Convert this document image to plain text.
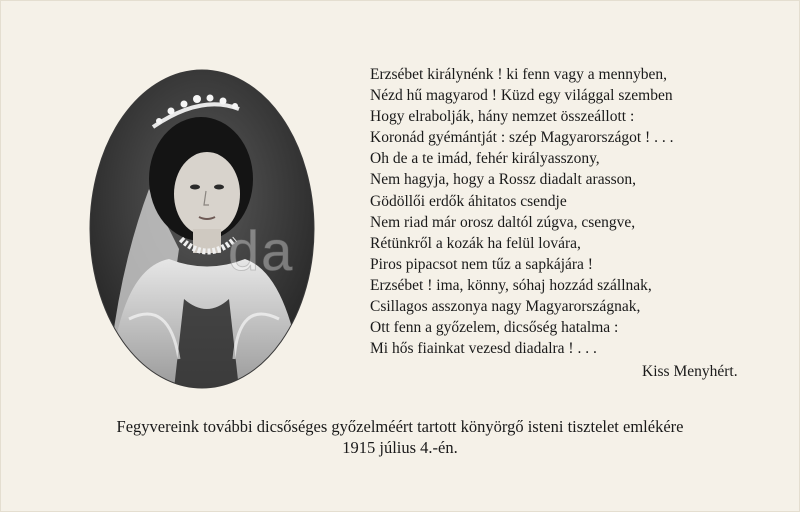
da
Erzsébet királynénk ! ki fenn vagy a mennyben,
Nézd hű magyarod ! Küzd egy világgal szemben
Hogy elrabolják, hány nemzet összeállott :
Koronád gyémántját : szép Magyarországot ! . . .
Oh de a te imád, fehér királyasszony,
Nem hagyja, hogy a Rossz diadalt arasson,
Gödöllői erdők áhitatos csendje
Nem riad már orosz daltól zúgva, csengve,
Rétünkről a kozák ha felül lovára,
Piros pipacsot nem tűz a sapkájára !
Erzsébet ! ima, könny, sóhaj hozzád szállnak,
Csillagos asszonya nagy Magyarországnak,
Ott fenn a győzelem, dicsőség hatalma :
Mi hős fiainkat vezesd diadalra ! . . .
Kiss Menyhért.
Fegyvereink további dicsőséges győzelméért tartott könyörgő isteni tisztelet emlékére
1915 július 4.-én.
